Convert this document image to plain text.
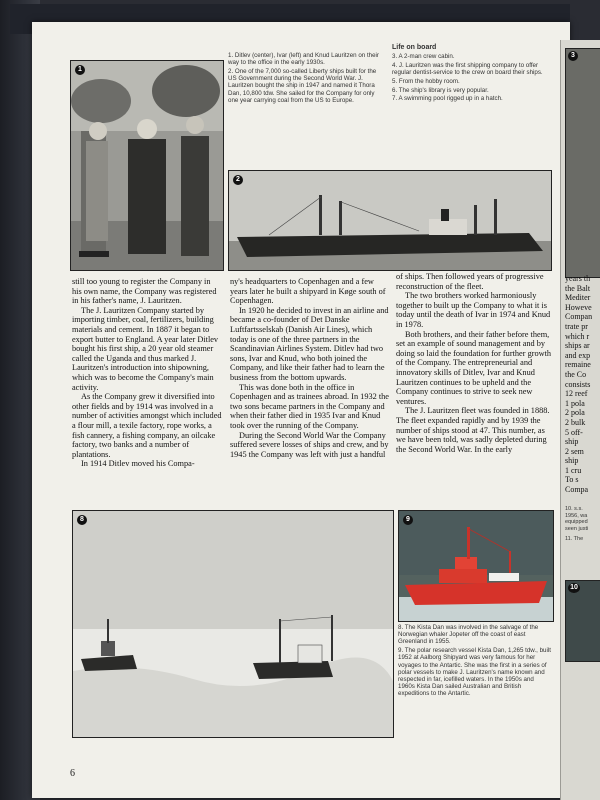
1

1. Ditlev (center), Ivar (left) and Knud Lauritzen on their way to the office in the early 1930s.

2. One of the 7,000 so-called Liberty ships built for the US Government during the Second World War. J. Lauritzen bought the ship in 1947 and named it Thora Dan, 10,800 tdw. She sailed for the Company for only one year carrying coal from the US to Europe.

Life on board

3. A 2-man crew cabin.

4. J. Lauritzen was the first shipping company to offer regular dentist-service to the crew on board their ships.

5. From the hobby room.

6. The ship's library is very popular.

7. A swimming pool rigged up in a hatch.

2

still too young to register the Company in his own name, the Company was registered in his father's name, J. Lauritzen.

The J. Lauritzen Company started by importing timber, coal, fertilizers, building materials and cement. In 1887 it began to export butter to England. A year later Ditlev bought his first ship, a 20 year old steamer called the Uganda and thus marked J. Lauritzen's introduction into shipowning, which was to become the Company's main activity.

As the Company grew it diversified into other fields and by 1914 was involved in a number of activities amongst which included a flour mill, a texile factory, rope works, a fish cannery, a fishing company, an oilcake factory, two banks and a number of plantations.

In 1914 Ditlev moved his Compa-

ny's headquarters to Copenhagen and a few years later he built a shipyard in Køge south of Copenhagen.

In 1920 he decided to invest in an airline and became a co-founder of Det Danske Luftfartsselskab (Danish Air Lines), which today is one of the three partners in the Scandinavian Airlines System. Ditlev had two sons, Ivar and Knud, who both joined the Company, and like their father had to learn the business from the bottom upwards.

This was done both in the office in Copenhagen and as trainees abroad. In 1932 the two sons became partners in the Company and when their father died in 1935 Ivar and Knud took over the running of the Company.

During the Second World War the Company suffered severe losses of ships and crew, and by 1945 the Company was left with just a handful

of ships. Then followed years of progressive reconstruction of the fleet.

The two brothers worked harmoniously together to built up the Company to what it is today until the death of Ivar in 1974 and Knud in 1978.

Both brothers, and their father before them, set an example of sound management and by doing so laid the foundation for further growth of the Company. The entrepreneurial and innovatory skills of Ditlev, Ivar and Knud Lauritzen continues to be upheld and the Company continues to strive to seek new ventures.

The J. Lauritzen fleet was founded in 1888. The fleet expanded rapidly and by 1939 the number of ships stood at 47. This number, as we have been told, was sadly depleted during the Second World War. In the early

8	9

8. The Kista Dan was involved in the salvage of the Norwegian whaler Jopeter off the coast of east Greenland in 1955.

9. The polar research vessel Kista Dan, 1,265 tdw., built 1952 at Aalborg Shipyard was very famous for her voyages to the Antartic. She was the first in a series of polar vessels to make J. Lauritzen's name known and respected in far, icefilled waters. In the 1950s and 1960s Kista Dan sailed Australian and British expeditions to the Antartic.

6
3
years th
the Balt
Mediter
Howeve
Compan
trate pr
which r
ships ar
and exp
remaine
the Co
consists
12 reef
1 pola
2 pola
2 bulk
5 off-
ship
2 sem
ship
1 cru
To s
Compa
10. s.s.
1956, wa
equipped
seen justi
11. The
10
